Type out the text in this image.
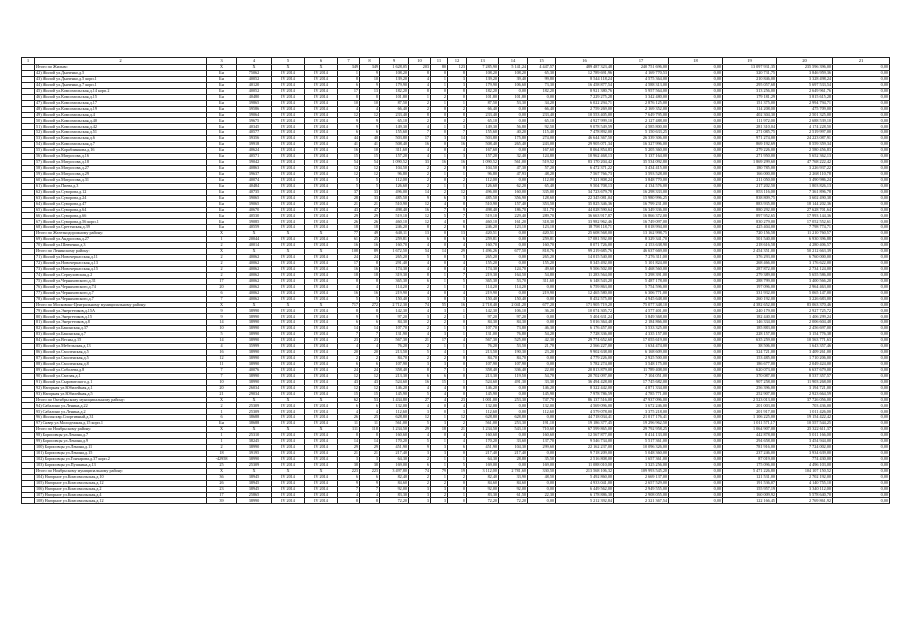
1	2	3	4	5	6	7	8	9	10	11	12	13	14	15	16	17	18	19	20	21
	Итого по Жилым:	X	X	X	X	349	349	1 628,05	203	80	123	7 285,90	5 141,24	4 447,57	489 487 323,48	240 751 696,00	0,00	13 097 931,35	235 596 396,00	0,00
	42) Жилой ул.Дьяченко,д.5	Бн	75062	IV 2014	IV 2014	1	9	108,20	8	0	8	108,20	108,20	65,30	12 789 691,96	4 169 770,53	0,00	320 731,75	3 846 959,36	0,00
	43) Жилой ул.Дьяченко,д.5 корп.1	Бн	40052	IV 2014	IV 2014	8	10	139,20	4	1	3	139,20	39,40	99,80	8 544 118,24	4 575 364,00	0,00	210 846,00	3 328 498,24	0,00
	44) Жилой ул.Дьяченко,д.7 корп.1	Бн	40120	IV 2014	IV 2014	6	9	179,90	4	1	3	179,90	106,60	73,30	16 458 877,54	4 588 313,00	0,00	295 057,68	5 697 533,54	0,00
	45) Жилой ул.Комсомольская,д.14 корп.2	Бн	40052	IV 2014	IV 2014	17	13	182,20	8	0	8	182,20	0,00	182,20	8 921 380,76	5 957 564,00	0,00	313 256,00	2 649 961,76	0,00
	46) Жилой ул.Комсомольская,д.15	Бн	40480	IV 2014	IV 2014	8	8	101,80	1	2	0	101,80	101,80	0,00	7 229 275,28	3 342 480,00	0,00	179 181,29	3 815 615,28	0,00
	47) Жилой ул.Комсомольская,д.17	Бн	39865	IV 2014	IV 2014	10	10	87,50	2	1	1	87,50	53,30	34,20	6 022 294,71	2 876 125,00	0,00	151 375,00	2 994 794,71	0,00
	48) Жилой ул.Комсомольская,д.19	Бн	39586	IV 2014	IV 2014	4	4	66,40	2	0	2	66,40	0,00	66,40	2 759 269,00	2 169 352,00	0,00	114 208,00	475 709,00	0,00
	49) Жилой ул.Комсомольская,д.4	Бн	39064	IV 2014	IV 2014	12	12	233,40	8	0	8	233,40	0,00	233,40	10 553 405,00	7 649 795,00	0,00	402 304,30	2 501 325,00	0,00
	50) Жилой ул.Комсомольская,д.40	Бн	39675	IV 2014	IV 2014	9	9	65,10	2	0	2	65,10	0,00	65,10	4 927 999,10	2 127 488,00	0,00	111 972,00	2 688 539,10	0,00
	51) Жилой ул.Комсомольская,д.42	Бн	40345	IV 2014	IV 2014	9	9	149,30	4	1	3	149,30	56,80	92,50	9 078 549,59	4 585 800,00	0,00	281 310,04	4 174 228,50	0,00
	52) Жилой ул.Комсомольская,д.51	Бн	40577	IV 2014	IV 2014	6	6	155,60	7	0	7	155,60	40,20	115,40	7 478 892,00	5 150 633,25	0,00	271 085,75	2 519 997,00	0,00
	53) Жилой ул.Комсомольская,д.6	Бн	39356	IV 2014	IV 2014	44	40	503,80	17	3	14	503,80	175,80	274,00	46 644 367,50	26 339 306,00	0,00	971 274,00	24 223 087,91	0,00
	54) Жилой ул.Комсомольская,д.7	Бн	39918	IV 2014	IV 2014	41	41	508,40	16	0	16	508,40	265,40	243,00	29 905 071,34	16 327 996,00	0,00	869 192,69	8 559 359,34	0,00
	55) Жилой ул.Кораблинкова,д.16	Бн	40624	IV 2014	IV 2014	16	10	311,60	4	0	4	167,60	0,00	167,60	8 064 854,83	5 205 360,00	0,00	279 226,00	2 580 456,83	0,00
	56) Жилой ул.Матросова,д.16	Бн	40571	IV 2014	IV 2014	15	15	157,20	4	1	3	157,20	32,40	124,80	10 962 468,13	5 137 164,00	0,00	271 950,00	5 652 362,13	0,00
	57) Жилой ул.Матросова,д.18	Бн	39042	IV 2014	IV 2014	54	54	1 090,52	33	16	16	1 090,52	561,00	519,52	83 170 204,42	35 534 092,80	0,00	1 869 299,60	47 768 222,42	0,00
	58) Жилой ул.Матросова,д.27	Бн	40863	IV 2014	IV 2014	12	12	104,50	2	2	0	104,50	47,30	57,20	6 472 371,22	3 434 415,00	0,00	180 785,00	3 226 937,22	0,00
	59) Жилой ул.Матросова,д.29	Бн	39637	IV 2014	IV 2014	12	12	96,80	2	1	1	96,80	47,93	48,20	7 567 766,73	3 593 528,00	0,00	166 000,00	2 268 110,78	0,00
	60) Жилой ул.Матросова,д.31	Бн	40074	IV 2014	IV 2014	5	5	112,00	2	0	2	112,00	0,00	112,00	7 321 808,24	3 848 770,00	0,00	211 050,00	3 490 986,24	0,00
	61) Жилой ул.Пиева,д.3	Бн	40484	IV 2014	IV 2014	5	5	126,60	2	1	1	126,60	62,20	65,40	9 504 708,13	4 134 576,00	0,00	217 202,50	1 803 826,13	0,00
	62) Жилой ул.Суворова,д.12	Бн	40735	IV 2014	IV 2014	37	33	496,00	14	2	12	496,00	160,00	335,00	34 723 679,78	16 298 333,00	0,00	853 116,00	7 361 896,78	0,00
	63) Жилой ул.Суворова,д.24	Бн	39065	IV 2014	IV 2014	28	33	485,50	9	6	3	485,50	356,90	128,60	22 345 081,04	15 980 996,25	0,00	838 809,75	3 602 490,38	0,00
	64) Жилой ул.Суворова,д.47	Бн	39065	IV 2014	IV 2014	21	21	510,90	12	4	8	510,90	157,40	353,50	35 825 346,36	16 799 231,00	0,00	883 935,00	18 144 202,36	0,00
	65) Жилой ул.Суворова,д.64	Бн	40670	IV 2014	IV 2014	43	47	498,40	16	7	9	498,40	186,70	311,70	44 028 590,64	16 349 336,00	0,00	880 292,00	27 628 701,64	0,00
	66) Жилой ул.Суворова,д.66	Бн	40530	IV 2014	IV 2014	29	29	519,10	12	5	7	519,10	229,40	289,70	36 663 917,87	16 866 372,00	0,00	897 952,65	17 993 144,36	0,00
	67) Жилой ул.Суворова,д.56 корп.1	Бн	39085	IV 2014	IV 2014	26	26	460,10	12	4	8	460,10	161,20	318,30	33 982 962,46	16 749 097,00	0,00	830 279,00	17 052 552,61	0,00
	68) Жилой ул.Сретенская,д.39	Бн	40559	IV 2014	IV 2014	18	18	246,20	8	2	6	246,20	123,10	123,10	18 798 118,71	8 018 994,00	0,00	425 404,00	7 798 774,71	0,00
	Итого по Железнодорожному району:	X	X	X	X	77	49	640,11	13	0	13	420,51	0,00	420,51	25 608 568,00	13 162 998,75	0,00	720 156,58	11 210 760,57	0,00
	69) Жилой ул.Андросова,д.27	1	20044	IV 2014	IV 2014	61	25	259,81	6	0	6	259,81	0,00	259,81	17 081 592,00	8 329 341,70	0,00	501 540,00	6 930 396,88	0,00
	70) Жилой ул.Шевченко,д.3	2	40014	IV 2014	IV 2014	16	16	160,70	4	0	4	160,70	0,00	160,70	8 071 726,00	4 153 638,90	0,00	218 616,58	4 280 406,57	0,00
	Итого по Ленинскому району:	X	X	X	X	108	89	1 672,50	54	14	29	1 496,26	677,50	818,76	99 219 685,76	46 637 669,00	0,00	2 454 351,00	50 212 663,39	0,00
	71) Жилой ул.Новочеркасская,д.11	2	40062	IV 2014	IV 2014	24	24	265,20	5	0	5	265,20	0,00	265,20	14 015 540,00	7 276 311,00	0,00	376 293,00	6 760 000,00	0,00
	72) Жилой ул.Новочеркасская,д.13	2	40062	IV 2014	IV 2014	17	8	291,40	4	0	4	155,20	0,00	155,20	8 345 492,00	5 101 824,00	0,00	268 466,00	3 176 622,00	0,00
	73) Жилой ул.Новочеркасская,д.15	2	40062	IV 2014	IV 2014	16	16	174,30	4	0	4	174,30	124,70	49,60	9 506 502,00	5 468 560,00	0,00	287 872,00	2 734 124,00	0,00
	74) Жилой ул.Серпуховская,д.2	2	40062	IV 2014	IV 2014	18	18	319,30	8	1	7	219,30	164,50	54,80	11 283 564,00	5 298 391,00	0,00	279 389,00	5 655 586,00	0,00
	75) Жилой ул.Черняховского,д.31	17	40062	IV 2014	IV 2014	8	8	365,30	6	1	5	365,30	53,70	311,60	6 148 543,20	5 487 178,00	0,00	288 799,00	3 400 566,20	0,00
	76) Жилой ул.Черняховского,д.74	20	40062	IV 2014	IV 2014	4	4	114,20	2	1	1	114,20	114,20	0,00	6 759 863,00	5 754 596,00	0,00	197 096,00	2 964 463,00	0,00
	77) Жилой ул.Черняховского,д.7	6	40062	IV 2014	IV 2014	16	16	219,90	4	0	4	219,90	0,00	219,90	12 465 580,00	6 306 771,00	0,00	331 932,00	5 065 147,00	0,00
	78) Жилой ул.Черняховского,д.7	7	40062	IV 2014	IV 2014	5	5	150,40	3	0	3	150,40	150,40	0,00	8 452 575,00	4 945 648,00	0,00	260 192,00	3 226 683,00	0,00
	Итого по Московско-Центральному муниципальному району:	X	X	X	X	717	272	2 712,30	74	55	16	2 718,40	2 041,20	677,20	171 905 719,20	75 077 348,10	0,00	4 382 652,00	83 063 370,46	0,00
	79) Жилой ул.Энергетиков,д.15А	9	38990	IV 2014	IV 2014	8	8	142,30	4	3	1	142,30	106,10	36,20	10 074 305,72	4 577 401,00	0,00	240 179,00	2 927 725,72	0,00
	80) Жилой ул.Энергетиков,д.15	9	38990	IV 2014	IV 2014	9	9	97,20	3	2	1	97,20	97,20	0,00	5 404 631,24	3 849 368,00	0,00	182 440,00	1 406 299,24	0,00
	81) Жилой ул.Энергетиков,д.8	14	38990	IV 2014	IV 2014	6	6	84,30	2	2	0	84,30	84,30	0,00	5 016 364,48	2 184 866,00	0,00	146 334,00	2 006 604,48	0,00
	82) Жилой ул.Бакинская,д.37	10	38990	IV 2014	IV 2014	14	14	107,70	2	1	1	107,70	73,80	46,30	6 176 457,00	3 533 325,00	0,00	185 883,00	2 456 697,00	0,00
	83) Жилой ул.Бакинская,д.7	5	38990	IV 2014	IV 2014	7	7	131,90	4	3	1	131,00	76,80	54,20	7 728 336,00	4 335 157,00	0,00	228 157,00	3 154 776,38	0,00
	84) Жилой ул.Весны,д.15	14	38990	IV 2014	IV 2014	23	23	567,30	21	17	4	567,30	525,00	42,30	29 774 652,60	17 055 619,00	0,00	635 259,00	10 563 771,63	0,00
	85) Жилой ул.Мебельская,д.13	4	35999	IV 2014	IV 2014	4	4	76,20	2	1	1	76,20	53,50	21,70	2 566 227,00	1 634 474,00	0,00	38 506,00	1 643 357,46	0,00
	86) Жилой ул.Смоленская,д.5	16	38990	IV 2014	IV 2014	20	20	213,50	5	4	1	213,50	190,30	23,20	9 902 638,00	6 168 609,00	0,00	324 721,00	3 409 261,00	0,00
	87) Жилой ул.Смоленская,д.5	12	38990	IV 2014	IV 2014	2	2	84,70	2	2	0	84,70	84,70	0,00	4 779 226,00	2 925 500,00	0,00	153 485,00	1 710 206,00	0,00
	88) Жилой ул.Смоленская,д.8	11	38990	IV 2014	IV 2014	6	6	107,90	3	3	0	107,90	107,90	0,00	5 782 274,00	3 548 175,00	0,00	186 677,00	2 049 424,00	0,00
	89) Жилой ул.Соболева,д.8	7	40076	IV 2014	IV 2014	24	24	358,40	8	7	1	358,40	336,40	22,00	20 813 879,00	11 789 408,00	0,00	620 073,00	6 637 679,00	0,00
	90) Жилой ул.Смелая,д.1	7	38990	IV 2014	IV 2014	12	12	213,30	6	6	0	213,30	119,50	54,70	20 702 097,00	7 104 051,00	0,00	370 087,00	8 537 357,57	0,00
	91) Жилой ул.Сыроватского,д.1	10	38990	IV 2014	IV 2014	43	43	524,60	16	15	1	524,60	491,30	33,30	36 494 428,00	17 745 682,00	0,00	907 258,00	11 903 268,00	0,00
	92) Нагорная ул.Юбилейная,д.1	20	26034	IV 2014	IV 2014	12	12	146,20	4	4	0	146,20	0,00	146,20	8 322 442,00	4 871 334,00	0,00	256 396,00	3 194 721,00	0,00
	93) Нагорная ул.Юбилейная,д.5	21	29034	IV 2014	IV 2014	15	15	145,90	5	4	0	145,90	0,00	145,90	7 978 786,59	4 785 771,00	0,00	252 907,00	2 923 664,59	0,00
	Итого по Октябрьскому муниципальному району:	X	X	X	X	62	53	1 434,80	27	4	23	1 001,00	253,30	747,70	86 137 516,00	47 937 096,00	0,00	2 523 013,00	37 726 056,00	0,00
	94) Сабалино ул.Ленина,д.22	2	25309	IV 2014	IV 2014	6	6	132,00	4	0	4	132,00	0,00	132,00	4 569 096,00	3 672 246,00	0,00	201 003,00	703 436,00	0,00
	95) Сабалино ул.Ленина,д.2	1	25309	IV 2014	IV 2014	4	4	112,60	3	0	3	112,60	0,00	112,60	4 579 078,00	3 375 218,00	0,00	201 917,00	1 011 426,00	0,00
	96) Жилая квр.Спортивный,д.31	6	38688	IV 2014	IV 2014	26	25	628,80	12	1	12	628,80	628,80	0,00	44 718 034,41	21 017 176,41	0,00	1 106 225,00	19 154 422,42	0,00
	97) Сквер ул.Молодежная,д.15 корп.1	Бн	38688	IV 2014	IV 2014	11	11	561,00	5	3	2	561,00	253,30	191,10	19 186 377,45	19 296 962,50	0,00	1 011 571,17	10 557 544,25	0,00
	Итого по Ноябрьскому району:	X	X	X	X	111	118	1 234,50	29	18	21	1 234,50	543,10	710,60	67 599 865,00	29 792 958,25	0,00	1 064 907,00	25 322 611,37	0,00
	98) Борисовцы ул.Ленина,д.7	1	25310	IV 2014	IV 2014	8	8	160,60	4	0	4	160,60	0,00	160,60	12 567 877,00	8 414 133,00	0,00	442 878,00	5 011 166,00	0,00
	99) Борисовцы ул.Ленина,д.9	1	38245	IV 2014	IV 2014	14	14	170,20	5	1	4	170,20	33,60	137,70	9 546 734,00	5 517 361,00	0,00	294 658,00	3 454 944,00	0,00
	100) Борисовцы ул.Ленина,д.11	2	38990	IV 2014	IV 2014	29	29	451,90	9	3	6	451,90	104,30	299,60	22 162 237,00	10 096 326,00	0,00	781 916,00	7 724 002,00	0,00
	101) Борисовцы ул.Ленина,д.15	18	39195	IV 2014	IV 2014	21	21	217,40	3	3	0	217,40	217,40	0,00	9 718 209,00	5 048 360,00	0,00	237 246,00	3 934 639,00	0,00
	102) Борисовцы ул.Гончарова,д.37 корп.2	-42958	38990	IV 2014	IV 2014	3	3	64,30	2	1	1	64,30	28,80	35,50	2 516 808,00	1 657 361,00	0,00	87 019,00	774 430,00	0,00
	103) Борисовцы ул.Пушкина,д.13	25	25309	IV 2014	IV 2014	38	38	169,00	6	1	5	169,00	0,00	169,00	11 088 010,00	3 325 256,00	0,00	175 096,00	4 496 103,00	0,00
	Итого по Ноябрьскому муниципальному району:	X	X	X	X	223	223	3 497,80	74	79	19	3 112,00	2 781,60	330,50	213 568 106,32	109 993 545,20	0,00	5 471 226,80	104 107 150,52	0,00
	104) Нагорное ул.Комсомольская,д.10	36	38945	IV 2014	IV 2014	6	6	82,40	2	1	2	82,40	33,90	48,50	5 492 860,00	2 669 137,00	0,00	121 531,00	2 702 192,00	0,00
	105) Нагорное ул.Комсомольская,д.12	26	38945	IV 2014	IV 2014	9	9	84,60	2	2	0	84,60	84,60	0,00	4 933 041,00	2 657 529,00	0,00	191 536,07	4 140 755,10	0,00
	106) Нагорное ул.Комсомольская,д.2	23	38945	IV 2014	IV 2014	7	7	92,00	3	3	0	92,00	92,00	0,00	6 449 562,00	2 949 555,00	0,00	155 957,19	3 340 112,00	0,00
	107) Нагорное ул.Комсомольская,д.4	17	25865	IV 2014	IV 2014	4	4	83,30	3	2	1	83,30	61,50	22,30	6 178 886,30	2 908 055,00	0,00	160 009,92	5 578 640,70	0,00
	108) Нагорное ул.Комсомольская,д.12	39	38990	IV 2014	IV 2014	8	8	72,20	3	3	0	72,20	72,20	0,00	5 212 392,84	2 321 367,54	0,00	122 166,45	2 769 861,92	0,00
